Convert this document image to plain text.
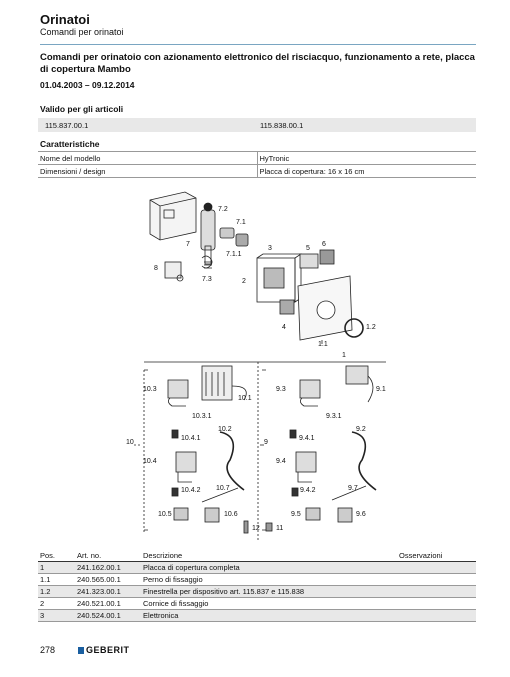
Orinatoi
Comandi per orinatoi
Comandi per orinatoio con azionamento elettronico del risciacquo, funzionamento a rete, placca di copertura Mambo
01.04.2003 – 09.12.2014
Valido per gli articoli
115.837.00.1	115.838.00.1
Caratteristiche
Nome del modello	HyTronic
Dimensioni / design	Placca di copertura: 16 x 16 cm
7.2
7.1
7
7.1.1
3	5
6
8
7.3	2
4	1.2
1.1
1
10.3
10.1
10.3.1
10.2
10.4.1
10
10.4
10.4.2 10.7
10.5	10.6
12 11
9.3	9.1
9.3.1
9.2
9.4.1
9
9.4
9.4.2	9.7
9.5	9.6
Pos.	Art. no.	Descrizione	Osservazioni
1	241.162.00.1	Placca di copertura completa	
1.1	240.565.00.1	Perno di fissaggio	
1.2	241.323.00.1	Finestrella per dispositivo art. 115.837 e 115.838	
2	240.521.00.1	Cornice di fissaggio	
3	240.524.00.1	Elettronica	
278	GEBERIT
